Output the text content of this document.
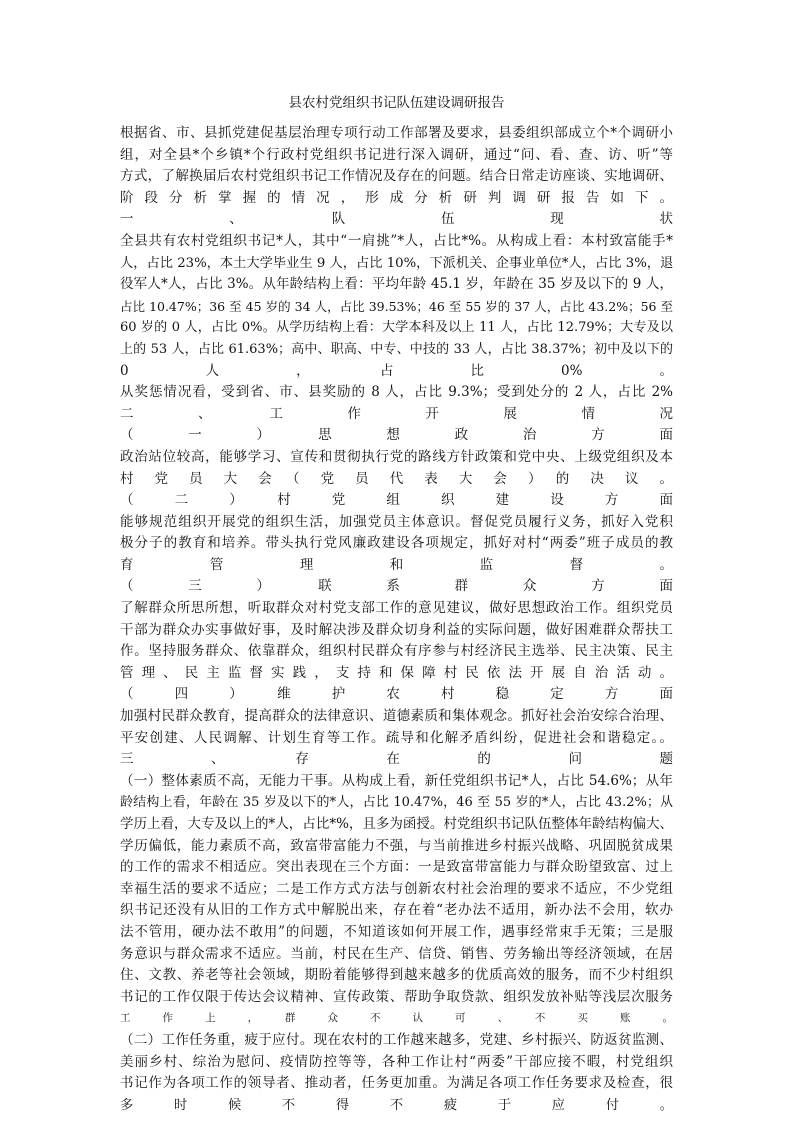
县农村党组织书记队伍建设调研报告
根据省、市、县抓党建促基层治理专项行动工作部署及要求，县委组织部成立个*个调研小
组，对全县*个乡镇*个行政村党组织书记进行深入调研，通过“问、看、查、访、听”等
方式，了解换届后农村党组织书记工作情况及存在的问题。结合日常走访座谈、实地调研、
阶段分析掌握的情况，形成分析研判调研报告如下。
一　　　、　　　队　　　伍　　　现　　　状
全县共有农村党组织书记*人，其中“一肩挑”*人，占比*%。从构成上看：本村致富能手*
人，占比 23%，本土大学毕业生 9 人，占比 10%，下派机关、企事业单位*人，占比 3%，退
役军人*人，占比 3%。从年龄结构上看：平均年龄 45.1 岁，年龄在 35 岁及以下的 9 人，
占比 10.47%；36 至 45 岁的 34 人，占比 39.53%；46 至 55 岁的 37 人，占比 43.2%；56 至
60 岁的 0 人，占比 0%。从学历结构上看：大学本科及以上 11 人，占比 12.79%；大专及以
上的 53 人，占比 61.63%；高中、职高、中专、中技的 33 人，占比 38.37%；初中及以下的
0　　　人　　　，　　　占　　　比　　　0%　　　。
从奖惩情况看，受到省、市、县奖励的 8 人，占比 9.3%；受到处分的 2 人，占比 2%
二　　　、　　　工　　　作　　　开　　　展　　　情　　　况
（　　　一　　　）　　　思　　　想　　　政　　　治　　　方　　　面
政治站位较高，能够学习、宣传和贯彻执行党的路线方针政策和党中央、上级党组织及本
村　党　员　大　会　（　党　员　代　表　大　会　）　的　决　议　。
（　　　二　　　）　　　村　　　党　　　组　　　织　　　建　　　设　　　方　　　面
能够规范组织开展党的组织生活，加强党员主体意识。督促党员履行义务，抓好入党积
极分子的教育和培养。带头执行党风廉政建设各项规定，抓好对村“两委”班子成员的教
育　　　管　　　理　　　和　　　监　　　督　　　。
（　　　三　　　）　　　联　　　系　　　群　　　众　　　方　　　面
了解群众所思所想，听取群众对村党支部工作的意见建议，做好思想政治工作。组织党员
干部为群众办实事做好事，及时解决涉及群众切身利益的实际问题，做好困难群众帮扶工
作。坚持服务群众、依靠群众，组织村民群众有序参与村经济民主选举、民主决策、民主
管理、民主监督实践，支持和保障村民依法开展自治活动。
（　　　四　　　）　　　维　　　护　　　农　　　村　　　稳　　　定　　　方　　　面
加强村民群众教育，提高群众的法律意识、道德素质和集体观念。抓好社会治安综合治理、
平安创建、人民调解、计划生育等工作。疏导和化解矛盾纠纷，促进社会和谐稳定。。
三　　　、　　　存　　　在　　　的　　　问　　　题
（一）整体素质不高，无能力干事。从构成上看，新任党组织书记*人，占比 54.6%；从年
龄结构上看，年龄在 35 岁及以下的*人，占比 10.47%，46 至 55 岁的*人，占比 43.2%；从
学历上看，大专及以上的*人，占比*%，且多为函授。村党组织书记队伍整体年龄结构偏大、
学历偏低，能力素质不高，致富带富能力不强，与当前推进乡村振兴战略、巩固脱贫成果
的工作的需求不相适应。突出表现在三个方面：一是致富带富能力与群众盼望致富、过上
幸福生活的要求不适应；二是工作方式方法与创新农村社会治理的要求不适应，不少党组
织书记还没有从旧的工作方式中解脱出来，存在着“老办法不适用，新办法不会用，软办
法不管用，硬办法不敢用”的问题，不知道该如何开展工作，遇事经常束手无策；三是服
务意识与群众需求不适应。当前，村民在生产、信贷、销售、劳务输出等经济领域，在居
住、文教、养老等社会领域，期盼着能够得到越来越多的优质高效的服务，而不少村组织
书记的工作仅限于传达会议精神、宣传政策、帮助争取贷款、组织发放补贴等浅层次服务
工　　　作　　　上　　　，　　　群　　　众　　　不　　　认　　　可　　　、　　　不　　　买　　　账　　　。
（二）工作任务重，疲于应付。现在农村的工作越来越多，党建、乡村振兴、防返贫监测、
美丽乡村、综治为慰问、疫情防控等等，各种工作让村“两委”干部应接不暇，村党组织
书记作为各项工作的领导者、推动者，任务更加重。为满足各项工作任务要求及检查，很
多　　　时　　　候　　　不　　　得　　　不　　　疲　　　于　　　应　　　付　　　。
